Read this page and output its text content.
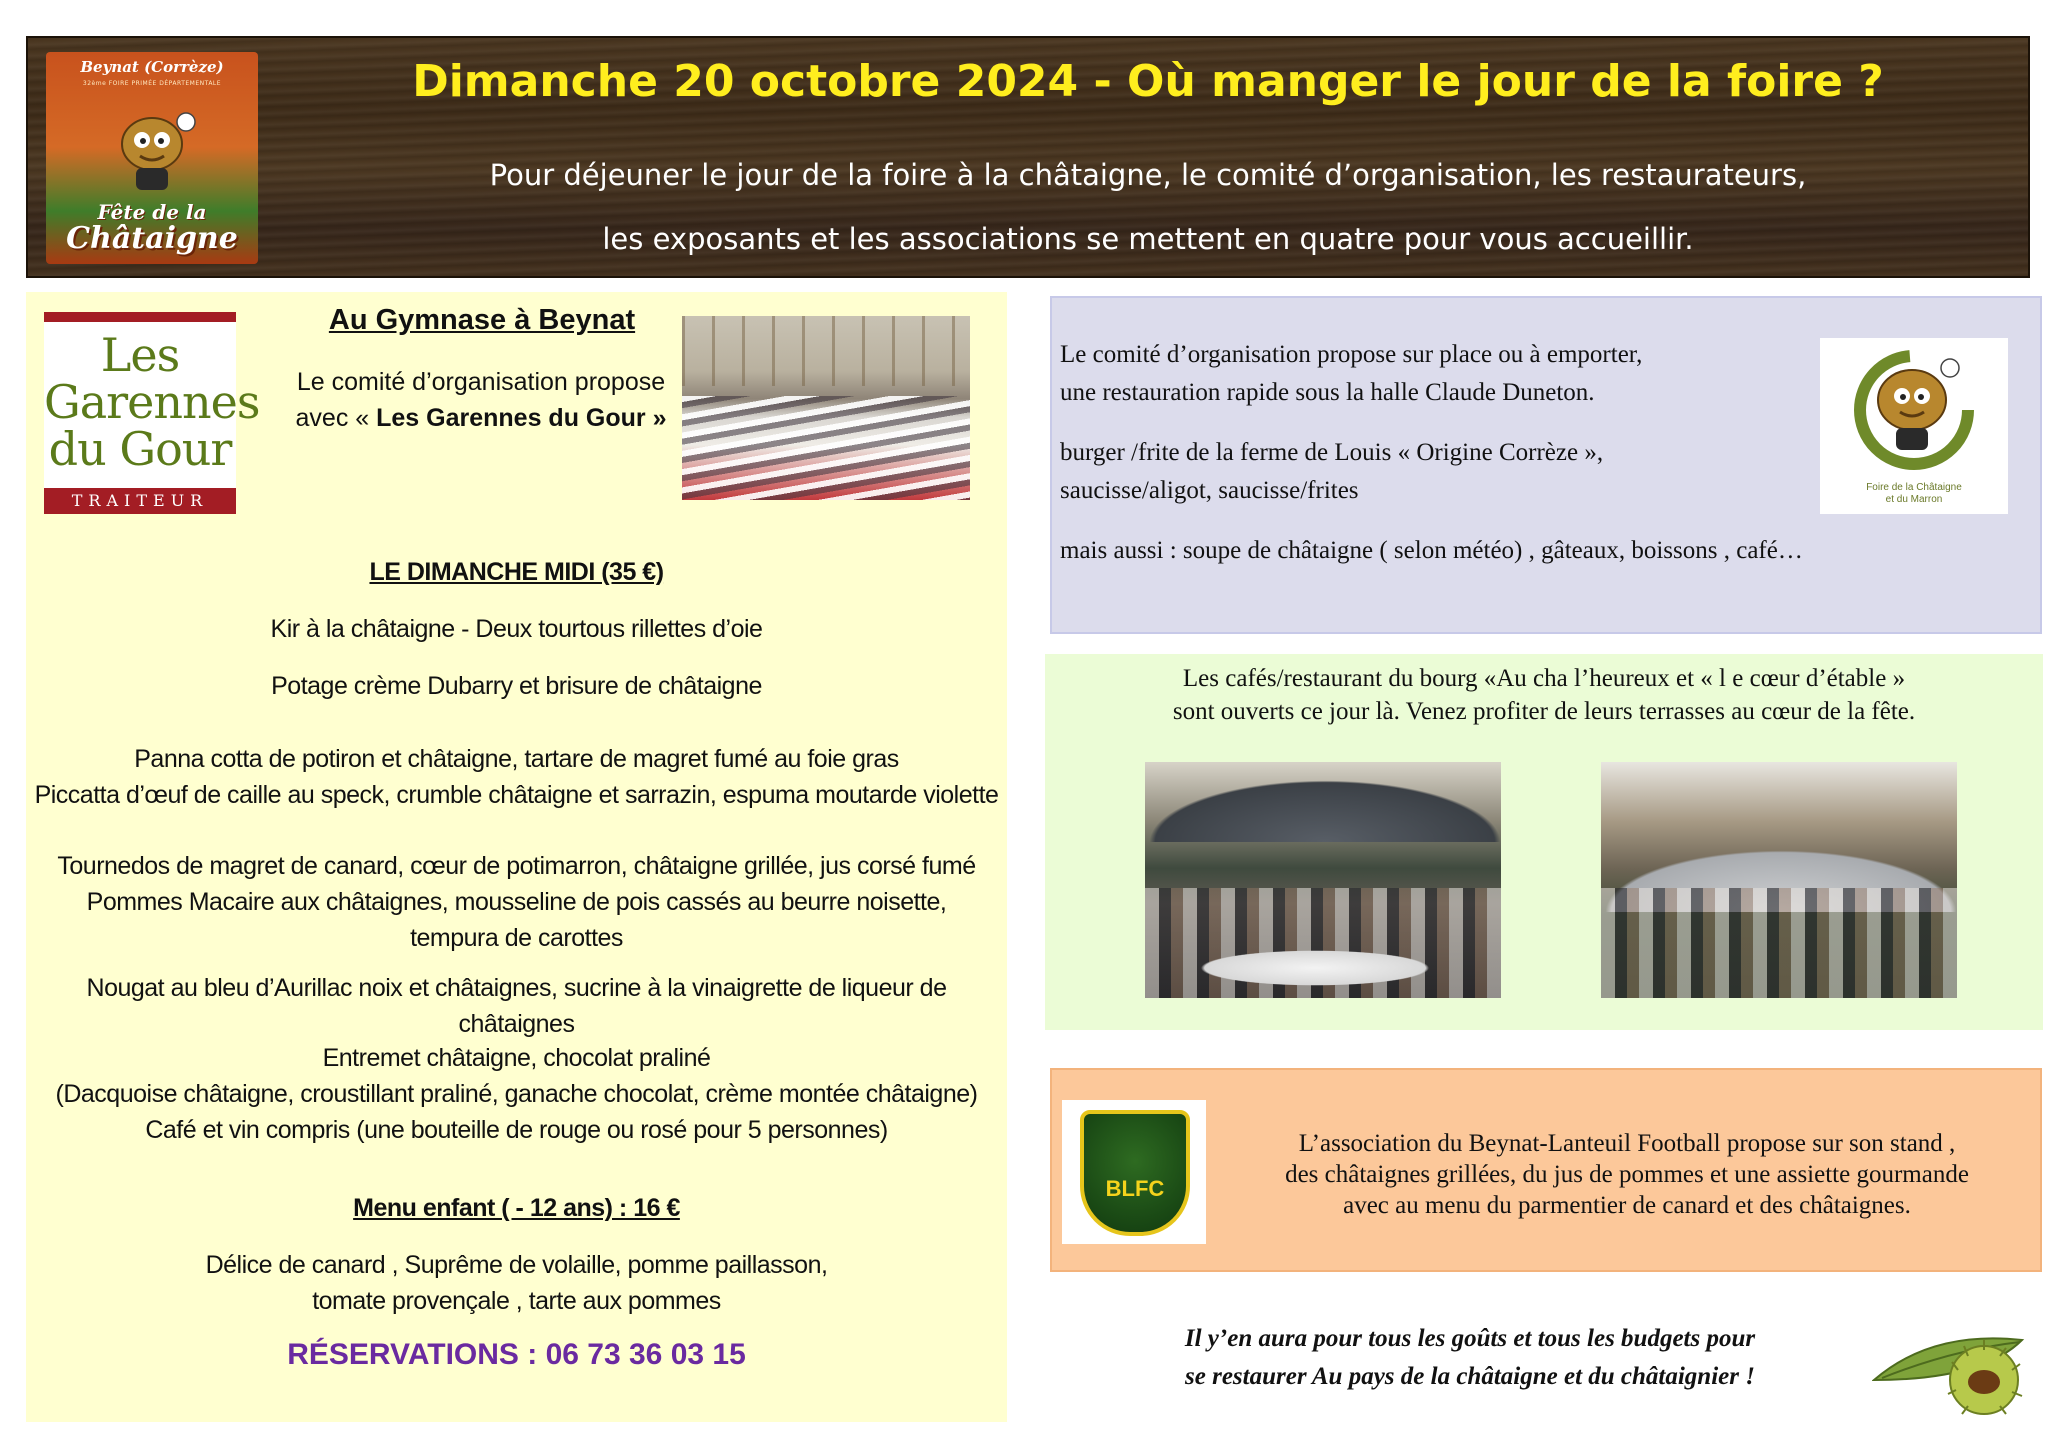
Beynat (Corrèze)
32ème FOIRE PRIMÉE DÉPARTEMENTALE
Fête de la
Châtaigne
Dimanche 20 octobre 2024 - Où manger le jour de la foire ?
Pour déjeuner le jour de la foire à la châtaigne, le comité d’organisation, les restaurateurs,
les exposants et les associations se mettent en quatre pour vous accueillir.
Les
Garennes
du Gour
TRAITEUR
Au Gymnase à Beynat
Le comité d’organisation propose
avec « Les Garennes du Gour »
LE DIMANCHE MIDI (35 €)
Kir à la châtaigne - Deux tourtous rillettes d’oie
Potage crème Dubarry et brisure de châtaigne
Panna cotta de potiron et châtaigne, tartare de magret fumé au foie gras
Piccatta d’œuf de caille au speck, crumble châtaigne et sarrazin, espuma moutarde violette
Tournedos de magret de canard, cœur de potimarron, châtaigne grillée, jus corsé fumé
Pommes Macaire aux châtaignes, mousseline de pois cassés au beurre noisette,
tempura de carottes
Nougat au bleu d’Aurillac noix et châtaignes, sucrine à la vinaigrette de liqueur de châtaignes
Entremet châtaigne, chocolat praliné
(Dacquoise châtaigne, croustillant praliné, ganache chocolat, crème montée châtaigne)
Café et vin compris (une bouteille de rouge ou rosé pour 5 personnes)
Menu enfant ( - 12 ans) : 16 €
Délice de canard , Suprême de volaille, pomme paillasson,
tomate provençale , tarte aux pommes
RÉSERVATIONS : 06 73 36 03 15
Le comité d’organisation propose sur place ou à emporter,
une restauration rapide sous la halle Claude Duneton.
burger /frite de la ferme de Louis « Origine Corrèze »,
saucisse/aligot, saucisse/frites
mais aussi : soupe de châtaigne ( selon météo) , gâteaux, boissons , café…
Foire de la Châtaigne
et du Marron
Les cafés/restaurant du bourg «Au cha l’heureux et « l e cœur d’étable »
sont ouverts ce jour là. Venez profiter de leurs terrasses au cœur de la fête.
BLFC
L’association du Beynat-Lanteuil Football propose sur son stand ,
des châtaignes grillées, du jus de pommes et une assiette gourmande
avec au menu du parmentier de canard et des châtaignes.
Il y’en aura pour tous les goûts et tous les budgets pour
se restaurer Au pays de la châtaigne et du châtaignier !
